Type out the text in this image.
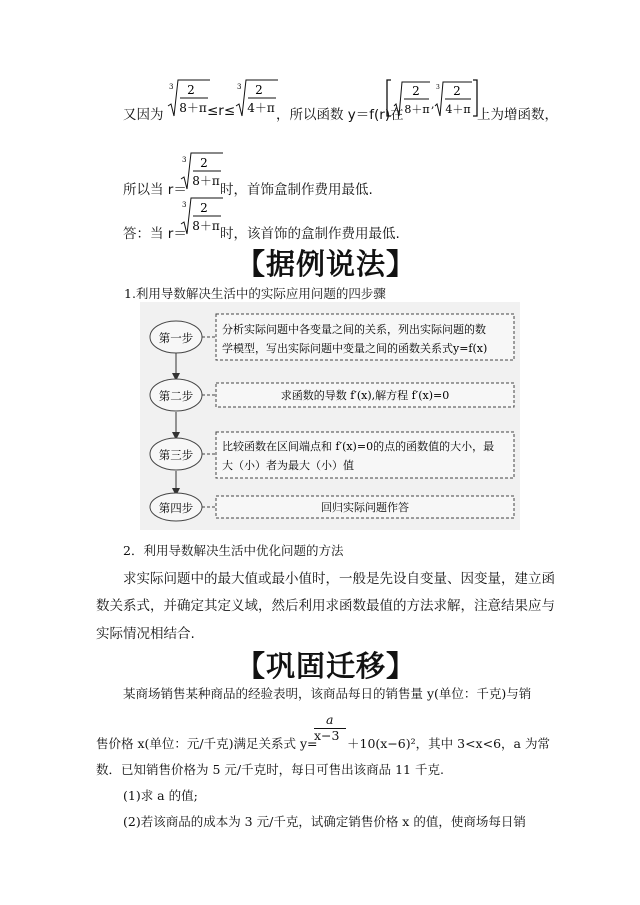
又因为
3 2
8＋π ≤r≤
3 2
4＋π ，所以函数 y＝f(r)在
2
8＋π ,
3 2
4＋π 上为增函数，
所以当 r＝
3 2
8＋π
时，首饰盒制作费用最低.
答：当 r＝
3 2
8＋π 时，该首饰的盒制作费用最低.
【据例说法】
1.利用导数解决生活中的实际应用问题的四步骤
第一步
分析实际问题中各变量之间的关系，列出实际问题的数
学模型，写出实际问题中变量之间的函数关系式y=f(x)
第二步	求函数的导数 f′(x),解方程 f′(x)=0
第三步
比较函数在区间端点和 f′(x)=0的点的函数值的大小，最
大（小）者为最大（小）值
第四步	回归实际问题作答
2．利用导数解决生活中优化问题的方法
求实际问题中的最大值或最小值时，一般是先设自变量、因变量，建立函
数关系式，并确定其定义域，然后利用求函数最值的方法求解，注意结果应与
实际情况相结合.
【巩固迁移】
某商场销售某种商品的经验表明，该商品每日的销售量 y(单位：千克)与销
a
售价格 x(单位：元/千克)满足关系式 y=
x−3
＋10(x−6)²，其中 3<x<6，a 为常
数．已知销售价格为 5 元/千克时，每日可售出该商品 11 千克.
(1)求 a 的值;
(2)若该商品的成本为 3 元/千克，试确定销售价格 x 的值，使商场每日销
